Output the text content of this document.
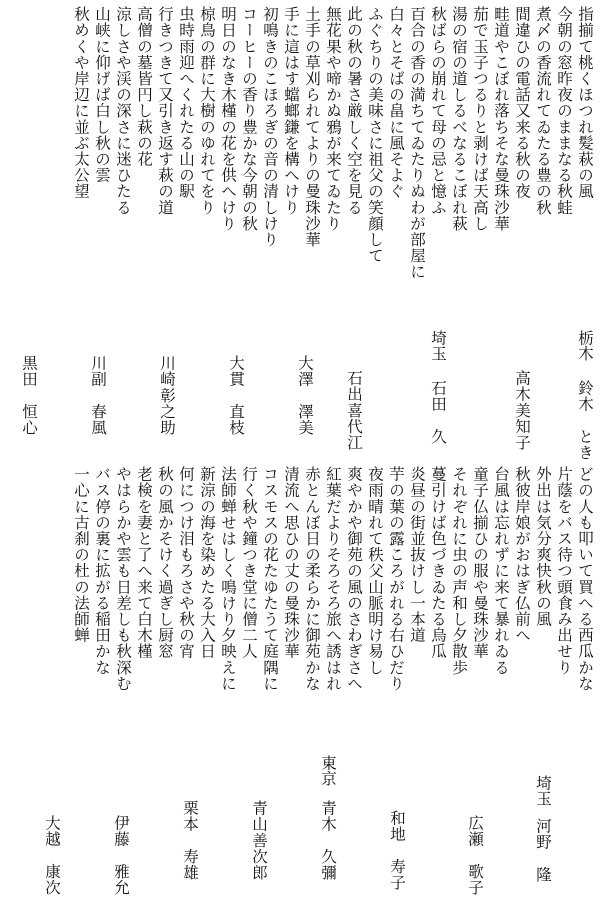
指揃て桃くほつれ髪萩の風
今朝の窓昨夜のままなる秋蛙
煮〆の香流れてゐたる豊の秋
間違ひの電話又来る秋の夜
栃木
鈴木　とき
畦道やこぼれ落ちそな曼珠沙華
茄で玉子つるりと剥けば天高し
湯の宿の道しるべなるこぼれ萩
秋ばらの崩れて母の忌と憶ふ
高木美知子
百合の香の満ちてゐたりぬわが部屋に
白々とそばの畠に風そよぐ
ふぐちりの美味さに祖父の笑顔して
此の秋の暑さ厳しく空を見る
埼玉
石田　久
無花果や啼かぬ鴉が来てゐたり
土手の草刈られてよりの曼珠沙華
手に這はす蟷螂鎌を構へけり
初鳴きのこほろぎの音の清しけり
石出喜代江
コーヒーの香り豊かな今朝の秋
明日のなき木槿の花を供へけり
椋鳥の群に大樹のゆれてをり
虫時雨迎へくれたる山の駅
大澤　澤美
行きつきて又引き返す萩の道
高僧の墓皆円し萩の花
涼しさや渓の深さに迷ひたる
山峡に仰げば白し秋の雲
大貫　直枝
秋めくや岸辺に並ぶ太公望
川崎彰之助
川副　春風
黒田　恒心
どの人も叩いて買へる西瓜かな
片蔭をバス待つ頭食み出せり
外出は気分爽快秋の風
埼玉
河野　隆
秋彼岸娘がおはぎ仏前へ
台風は忘れずに来て暴れゐる
童子仏揃ひの服や曼珠沙華
それぞれに虫の声和し夕散歩
広瀬　歌子
蔓引けば色づきゐたる烏瓜
炎昼の街並抜けし一本道
芋の葉の露ころがれる右ひだり
夜雨晴れて秩父山脈明け易し
和地　寿子
爽やかや御苑の風のさわぎさへ
紅葉だよりそろそろ旅へ誘はれ
赤とんぼ日の柔らかに御苑かな
清流へ思ひの丈の曼珠沙華
東京
青木　久彌
コスモスの花たゆたうて庭隅に
行く秋や鐘つき堂に僧二人
法師蝉せはしく鳴けり夕映えに
新涼の海を染めたる大入日
青山善次郎
何につけ泪もろさや秋の宵
秋の風かそけく過ぎし厨窓
老検を妻と了へ来て白木槿
やはらかや雲も日差しも秋深む
栗本　寿雄
バス停の裏に拡がる稲田かな
一心に古刹の杜の法師蝉
伊藤　雅允
大越　康次
